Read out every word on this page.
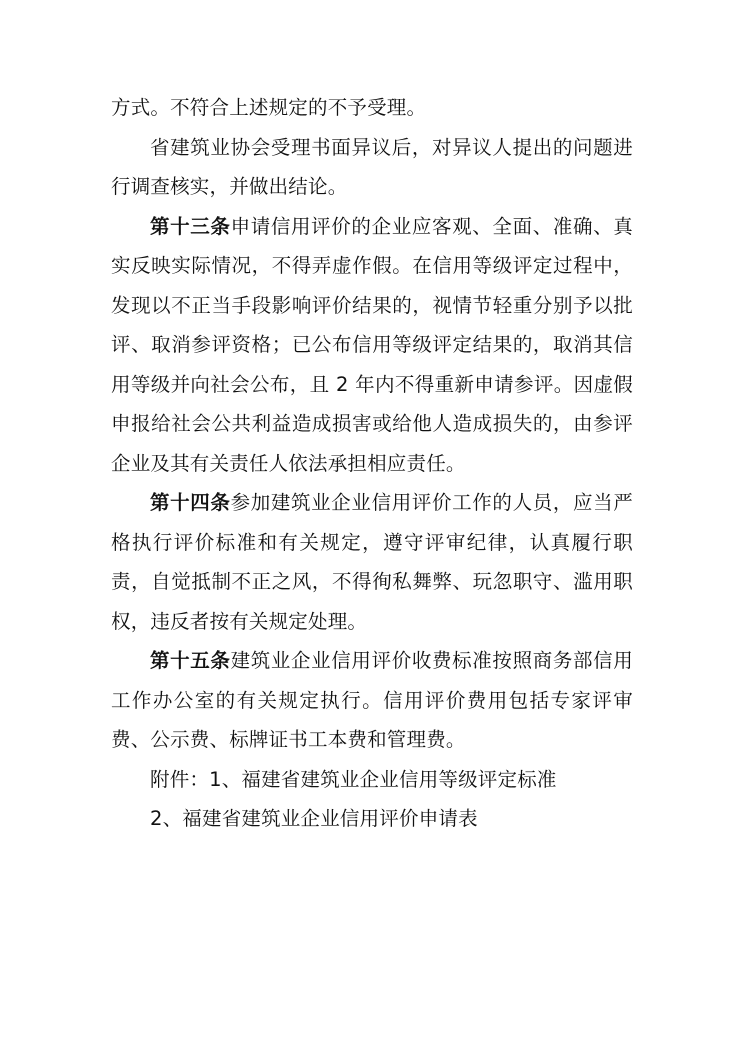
方式。不符合上述规定的不予受理。

省建筑业协会受理书面异议后，对异议人提出的问题进行调查核实，并做出结论。

第十三条申请信用评价的企业应客观、全面、准确、真实反映实际情况，不得弄虚作假。在信用等级评定过程中，发现以不正当手段影响评价结果的，视情节轻重分别予以批评、取消参评资格；已公布信用等级评定结果的，取消其信用等级并向社会公布，且 2 年内不得重新申请参评。因虚假申报给社会公共利益造成损害或给他人造成损失的，由参评企业及其有关责任人依法承担相应责任。

第十四条参加建筑业企业信用评价工作的人员，应当严格执行评价标准和有关规定，遵守评审纪律，认真履行职责，自觉抵制不正之风，不得徇私舞弊、玩忽职守、滥用职权，违反者按有关规定处理。

第十五条建筑业企业信用评价收费标准按照商务部信用工作办公室的有关规定执行。信用评价费用包括专家评审费、公示费、标牌证书工本费和管理费。

附件：1、福建省建筑业企业信用等级评定标准

2、福建省建筑业企业信用评价申请表
